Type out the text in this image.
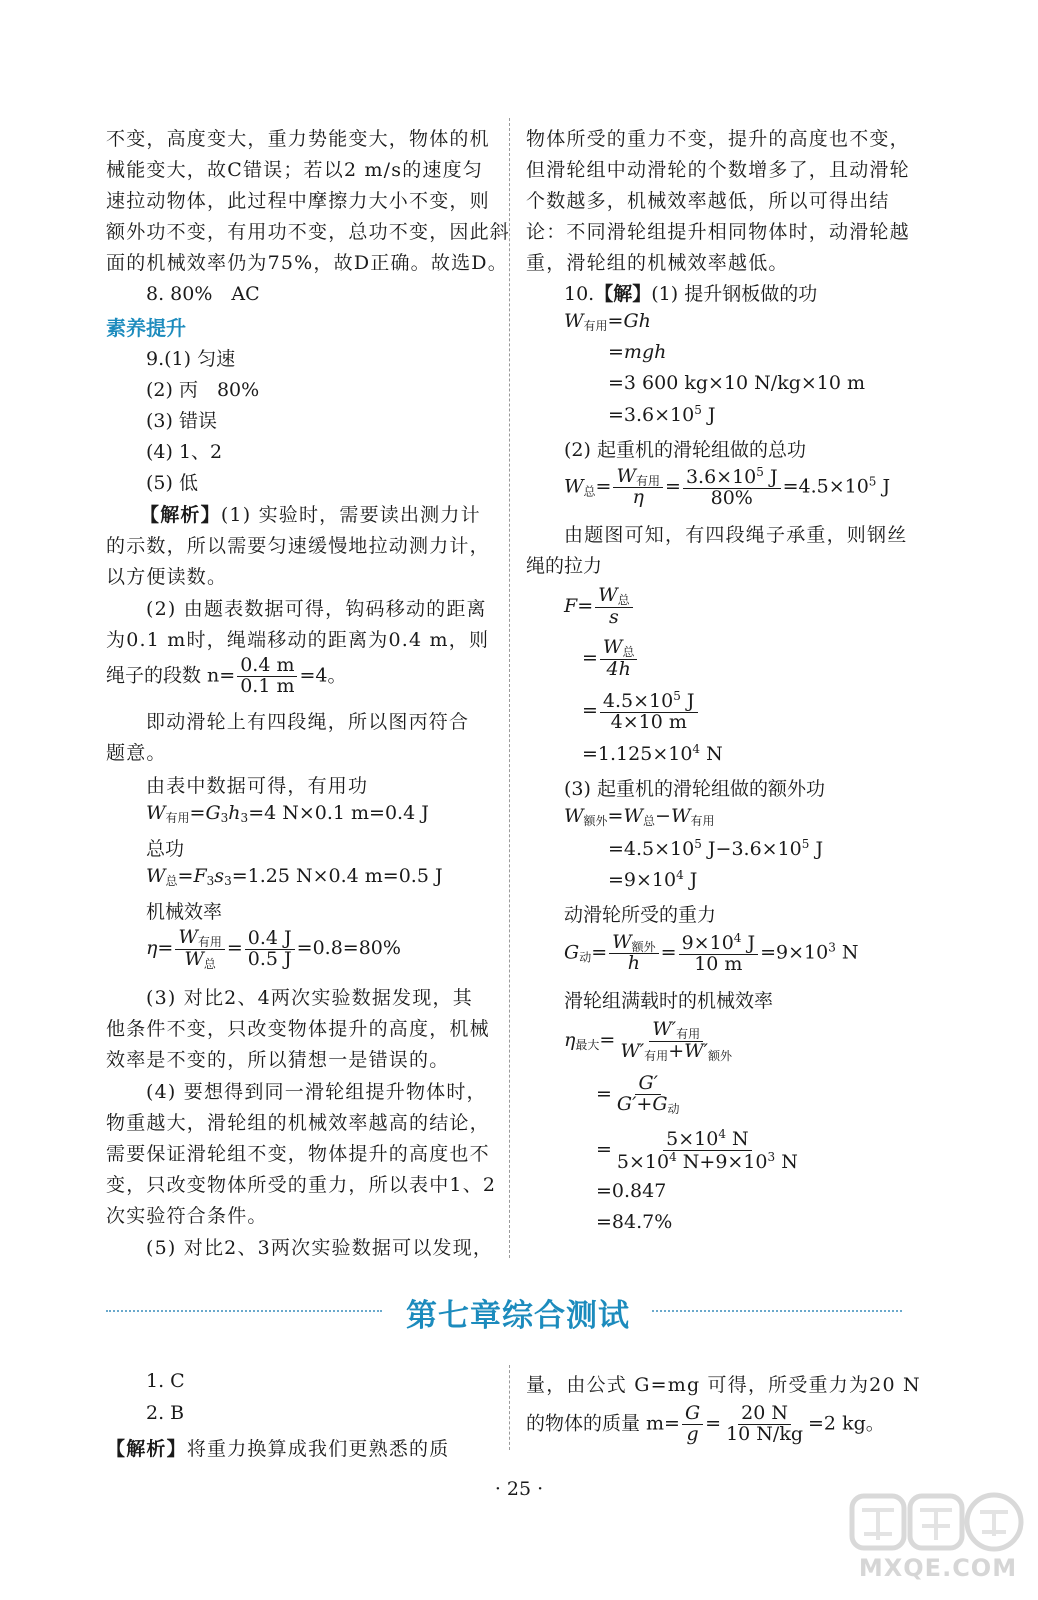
不变，高度变大，重力势能变大，物体的机
械能变大，故C错误；若以2 m/s的速度匀
速拉动物体，此过程中摩擦力大小不变，则
额外功不变，有用功不变，总功不变，因此斜
面的机械效率仍为75%，故D正确。故选D。
8. 80%　AC
素养提升
9.(1) 匀速
(2) 丙　80%
(3) 错误
(4) 1、2
(5) 低
【解析】(1) 实验时，需要读出测力计
的示数，所以需要匀速缓慢地拉动测力计，
以方便读数。
(2) 由题表数据可得，钩码移动的距离
为0.1 m时，绳端移动的距离为0.4 m，则
绳子的段数 $n= \frac{0.4 m}{0.1 m} =4$。
即动滑轮上有四段绳，所以图丙符合
题意。
由表中数据可得，有用功
$W_{有用}=G_3h_3=4$ N×0.1 m=0.4 J
总功
$W_总=F_3s_3=1.25$ N×0.4 m=0.5 J
机械效率
$\eta= \frac{W_{有用}}{W_总} = \frac{0.4 J}{0.5 J} =0.8=80\%$
(3) 对比2、4两次实验数据发现，其
他条件不变，只改变物体提升的高度，机械
效率是不变的，所以猜想一是错误的。
(4) 要想得到同一滑轮组提升物体时，
物重越大，滑轮组的机械效率越高的结论，
需要保证滑轮组不变，物体提升的高度也不
变，只改变物体所受的重力，所以表中1、2
次实验符合条件。
(5) 对比2、3两次实验数据可以发现，
物体所受的重力不变，提升的高度也不变，
但滑轮组中动滑轮的个数增多了，且动滑轮
个数越多，机械效率越低，所以可得出结
论：不同滑轮组提升相同物体时，动滑轮越
重，滑轮组的机械效率越低。
10.【解】(1) 提升钢板做的功
$W_{有用}=Gh$
=mgh
=3 600 kg×10 N/kg×10 m
$=3.6\times 10^5$ J
(2) 起重机的滑轮组做的总功
$W_总= \frac{W_{有用}}{\eta} = \frac{3.6\times 10^5 J}{80\%} =4.5\times 10^5$ J
由题图可知，有四段绳子承重，则钢丝
绳的拉力
$F= \frac{W_总}{s}$
= $\frac{W_总}{4h}$
= $\frac{4.5\times 10^5 J}{4\times 10 m}$
$=1.125\times 10^4$ N
(3) 起重机的滑轮组做的额外功
$W_{额外}=W_总-W_{有用}$
$=4.5\times 10^5$ $J-3.6\times 10^5$ J
$=9\times 10^4$ J
动滑轮所受的重力
$G_动= \frac{W_{额外}}{h} = \frac{9\times 10^4 J}{10 m} =9\times 10^3$ N
滑轮组满载时的机械效率
$\eta_{最大}= \frac{W'_{有用}}{W'_{有用}+W'_{额外}}$
= $\frac{G'}{G'+G_动}$
= $\frac{5\times 10^4 N}{5\times 10^4 N+9\times 10^3 N}$
=0.847
=84.7%
第七章综合测试
1. C
2. B
【解析】将重力换算成我们更熟悉的质
量，由公式 G=mg 可得，所受重力为20 N
的物体的质量 $m= \frac{G}{g} = \frac{20 N}{10 N/kg} =2$ kg。
· 25 ·
MXQE.COM
